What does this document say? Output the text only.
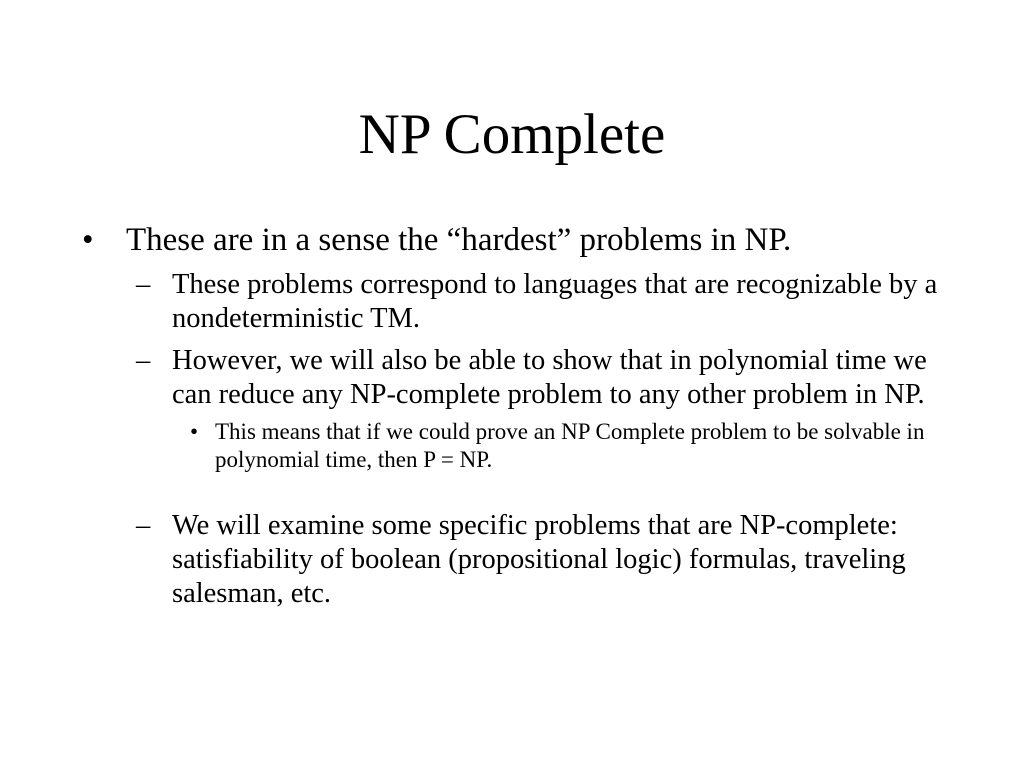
NP Complete
• These are in a sense the “hardest” problems in NP.
– These problems correspond to languages that are recognizable by a nondeterministic TM.
– However, we will also be able to show that in polynomial time we can reduce any NP-complete problem to any other problem in NP.
• This means that if we could prove an NP Complete problem to be solvable in polynomial time, then P = NP.
– We will examine some specific problems that are NP-complete: satisfiability of boolean (propositional logic) formulas, traveling salesman, etc.
